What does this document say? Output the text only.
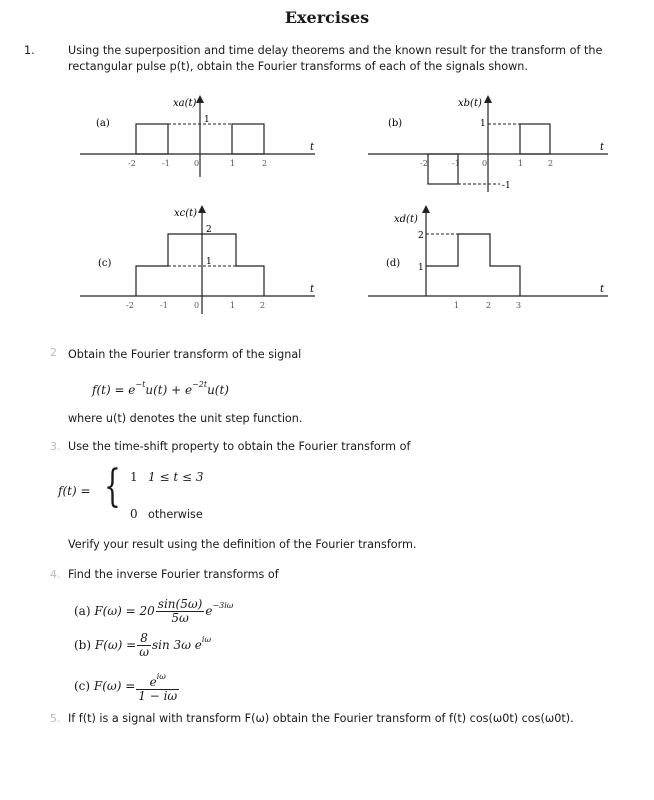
Exercises
1.	Using the superposition and time delay theorems and the known result for the transform of the
rectangular pulse p(t), obtain the Fourier transforms of each of the signals shown.
(a)
xa(t)
t
1
-2	-1	0	1	2
(b)
xb(t)
t
1
-1
-2	-1	0	1	2
(c)
xc(t)
t
2
1
-2	-1	0	1	2
(d)
xd(t)
t
2
1
1	2	3
2 Obtain the Fourier transform of the signal
$f(t) = e^{-t}u(t) + e^{-2t}u(t)$
where u(t) denotes the unit step function.
3. Use the time-shift property to obtain the Fourier transform of
f(t) = { 1 1 ≤ t ≤ 3
0 otherwise
Verify your result using the definition of the Fourier transform.
4. Find the inverse Fourier transforms of
(a) $F(\omega) = 20 \frac{\sin(5\omega)}{5\omega} e^{-3i\omega}$
(b) $F(\omega) = \frac{8}{\omega}$ sin 3ω $e^{i\omega}$
(c) $F(\omega) = \frac{e^{i\omega}}{1 - i\omega}$
5. If f(t) is a signal with transform F(ω) obtain the Fourier transform of f(t) cos(ω0t) cos(ω0t).
